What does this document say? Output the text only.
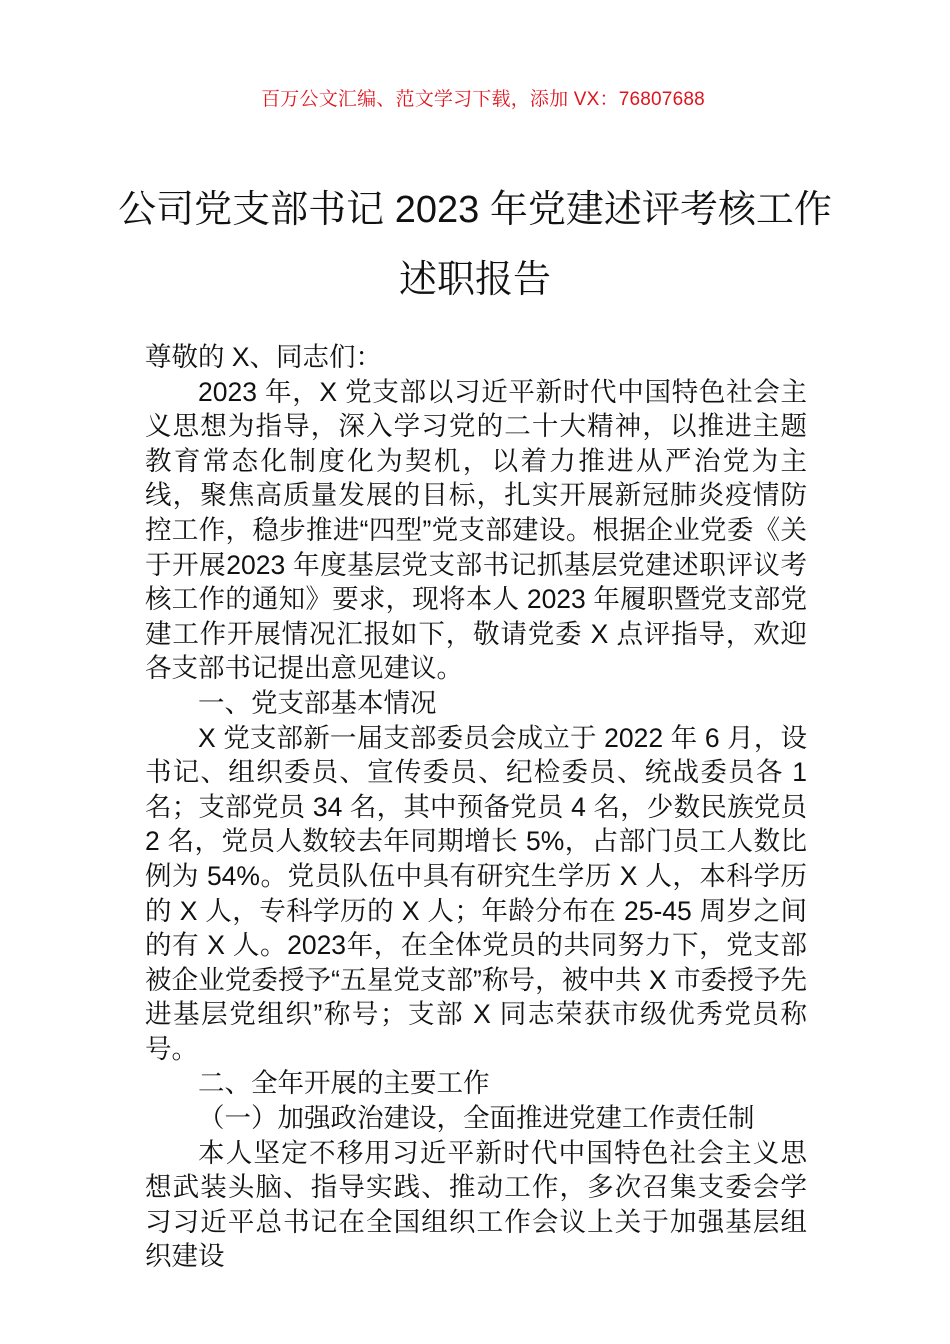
百万公文汇编、范文学习下载，添加 VX：76807688
公司党支部书记 2023 年党建述评考核工作
述职报告

尊敬的 X、同志们：

2023 年，X 党支部以习近平新时代中国特色社会主义思想为指导，深入学习党的二十大精神，以推进主题教育常态化制度化为契机，以着力推进从严治党为主线，聚焦高质量发展的目标，扎实开展新冠肺炎疫情防控工作，稳步推进“四型”党支部建设。根据企业党委《关于开展2023 年度基层党支部书记抓基层党建述职评议考核工作的通知》要求，现将本人 2023 年履职暨党支部党建工作开展情况汇报如下，敬请党委 X 点评指导，欢迎各支部书记提出意见建议。

一、党支部基本情况

X 党支部新一届支部委员会成立于 2022 年 6 月，设书记、组织委员、宣传委员、纪检委员、统战委员各 1 名；支部党员 34 名，其中预备党员 4 名，少数民族党员 2 名，党员人数较去年同期增长 5%，占部门员工人数比例为 54%。党员队伍中具有研究生学历 X 人，本科学历的 X 人，专科学历的 X 人；年龄分布在 25-45 周岁之间的有 X 人。2023年，在全体党员的共同努力下，党支部被企业党委授予“五星党支部”称号，被中共 X 市委授予先进基层党组织”称号；支部 X 同志荣获市级优秀党员称号。

二、全年开展的主要工作

（一）加强政治建设，全面推进党建工作责任制

本人坚定不移用习近平新时代中国特色社会主义思想武装头脑、指导实践、推动工作，多次召集支委会学习习近平总书记在全国组织工作会议上关于加强基层组织建设
